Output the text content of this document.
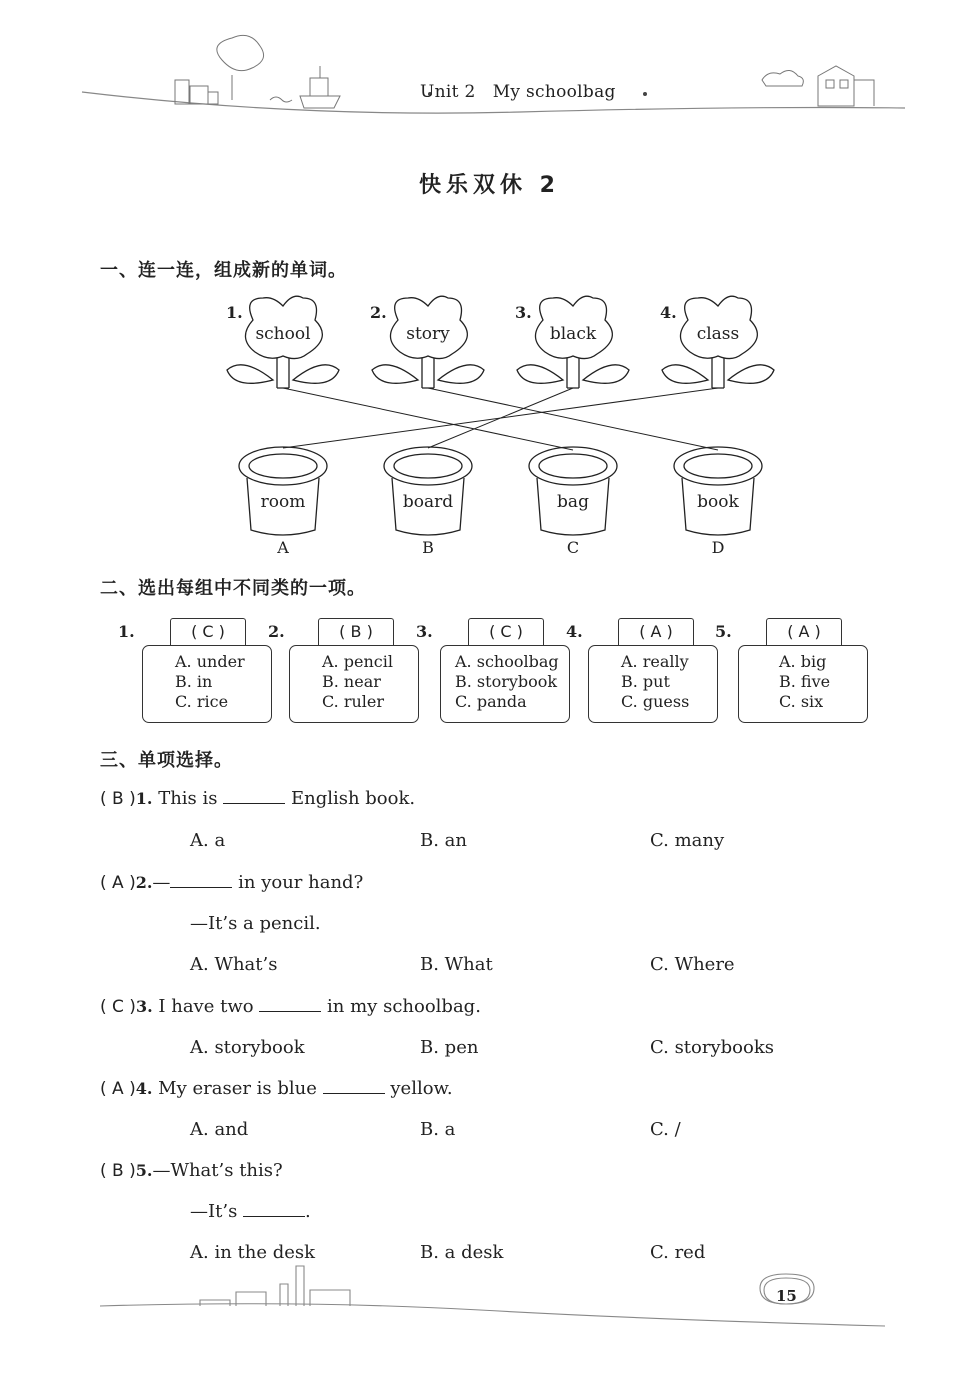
Unit 2 My schoolbag
快乐双休 2
一、连一连，组成新的单词。
1.	2.	3.	4.
school	story	black	class
room	board	bag	book
A	B	C	D
二、选出每组中不同类的一项。
1.	( C )
A. under
B. in
C. rice
2.	( B )
A. pencil
B. near
C. ruler
3.	( C )
A. schoolbag
B. storybook
C. panda
4.	( A )
A. really
B. put
C. guess
5.	( A )
A. big
B. five
C. six
三、单项选择。
( B )1. This is	English book.
A. a	B. an	C. many
( A )2.—	in your hand?
—It’s a pencil.
A. What’s	B. What	C. Where
( C )3. I have two	in my schoolbag.
A. storybook	B. pen	C. storybooks
( A )4. My eraser is blue	yellow.
A. and	B. a	C. /
( B )5.—What’s this?
—It’s	.
A. in the desk	B. a desk	C. red
15
